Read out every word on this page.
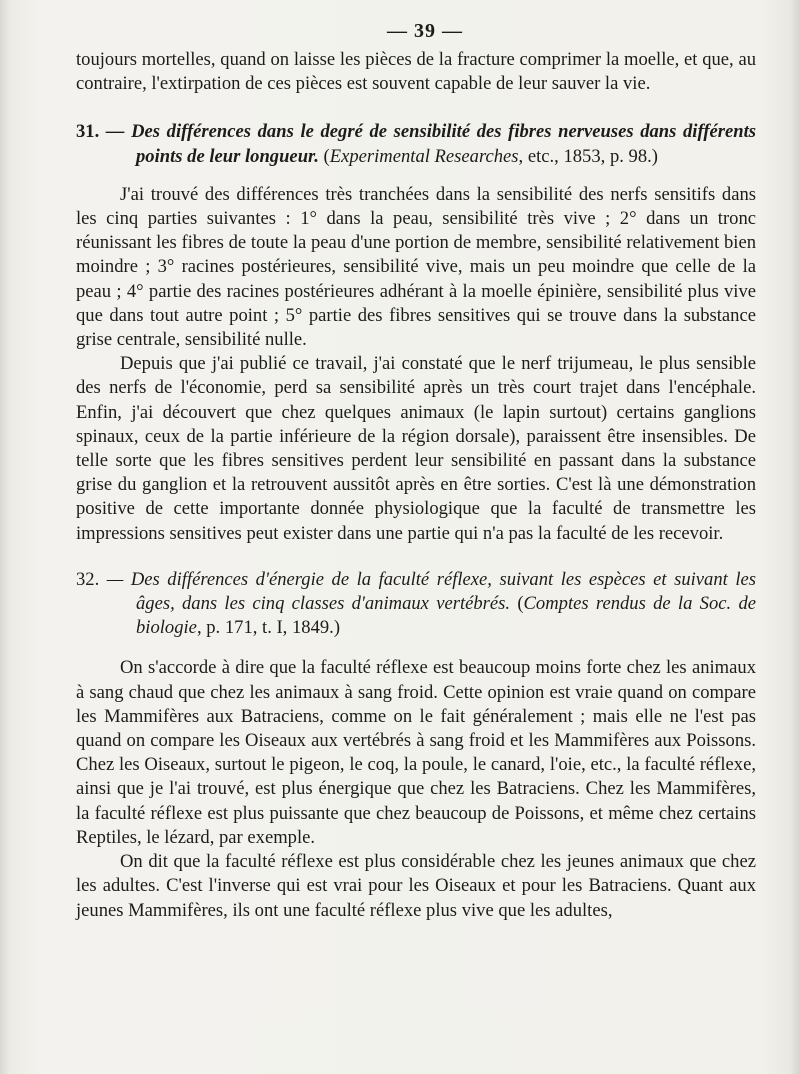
— 39 —

toujours mortelles, quand on laisse les pièces de la fracture comprimer la moelle, et que, au contraire, l'extirpation de ces pièces est souvent capable de leur sauver la vie.

31. — Des différences dans le degré de sensibilité des fibres nerveuses dans différents points de leur longueur. (Experimental Researches, etc., 1853, p. 98.)

J'ai trouvé des différences très tranchées dans la sensibilité des nerfs sensitifs dans les cinq parties suivantes : 1° dans la peau, sensibilité très vive ; 2° dans un tronc réunissant les fibres de toute la peau d'une portion de membre, sensibilité relativement bien moindre ; 3° racines postérieures, sensibilité vive, mais un peu moindre que celle de la peau ; 4° partie des racines postérieures adhérant à la moelle épinière, sensibilité plus vive que dans tout autre point ; 5° partie des fibres sensitives qui se trouve dans la substance grise centrale, sensibilité nulle.

Depuis que j'ai publié ce travail, j'ai constaté que le nerf trijumeau, le plus sensible des nerfs de l'économie, perd sa sensibilité après un très court trajet dans l'encéphale. Enfin, j'ai découvert que chez quelques animaux (le lapin surtout) certains ganglions spinaux, ceux de la partie inférieure de la région dorsale), paraissent être insensibles. De telle sorte que les fibres sensitives perdent leur sensibilité en passant dans la substance grise du ganglion et la retrouvent aussitôt après en être sorties. C'est là une démonstration positive de cette importante donnée physiologique que la faculté de transmettre les impressions sensitives peut exister dans une partie qui n'a pas la faculté de les recevoir.

32. — Des différences d'énergie de la faculté réflexe, suivant les espèces et suivant les âges, dans les cinq classes d'animaux vertébrés. (Comptes rendus de la Soc. de biologie, p. 171, t. I, 1849.)

On s'accorde à dire que la faculté réflexe est beaucoup moins forte chez les animaux à sang chaud que chez les animaux à sang froid. Cette opinion est vraie quand on compare les Mammifères aux Batraciens, comme on le fait généralement ; mais elle ne l'est pas quand on compare les Oiseaux aux vertébrés à sang froid et les Mammifères aux Poissons. Chez les Oiseaux, surtout le pigeon, le coq, la poule, le canard, l'oie, etc., la faculté réflexe, ainsi que je l'ai trouvé, est plus énergique que chez les Batraciens. Chez les Mammifères, la faculté réflexe est plus puissante que chez beaucoup de Poissons, et même chez certains Reptiles, le lézard, par exemple.

On dit que la faculté réflexe est plus considérable chez les jeunes animaux que chez les adultes. C'est l'inverse qui est vrai pour les Oiseaux et pour les Batraciens. Quant aux jeunes Mammifères, ils ont une faculté réflexe plus vive que les adultes,
